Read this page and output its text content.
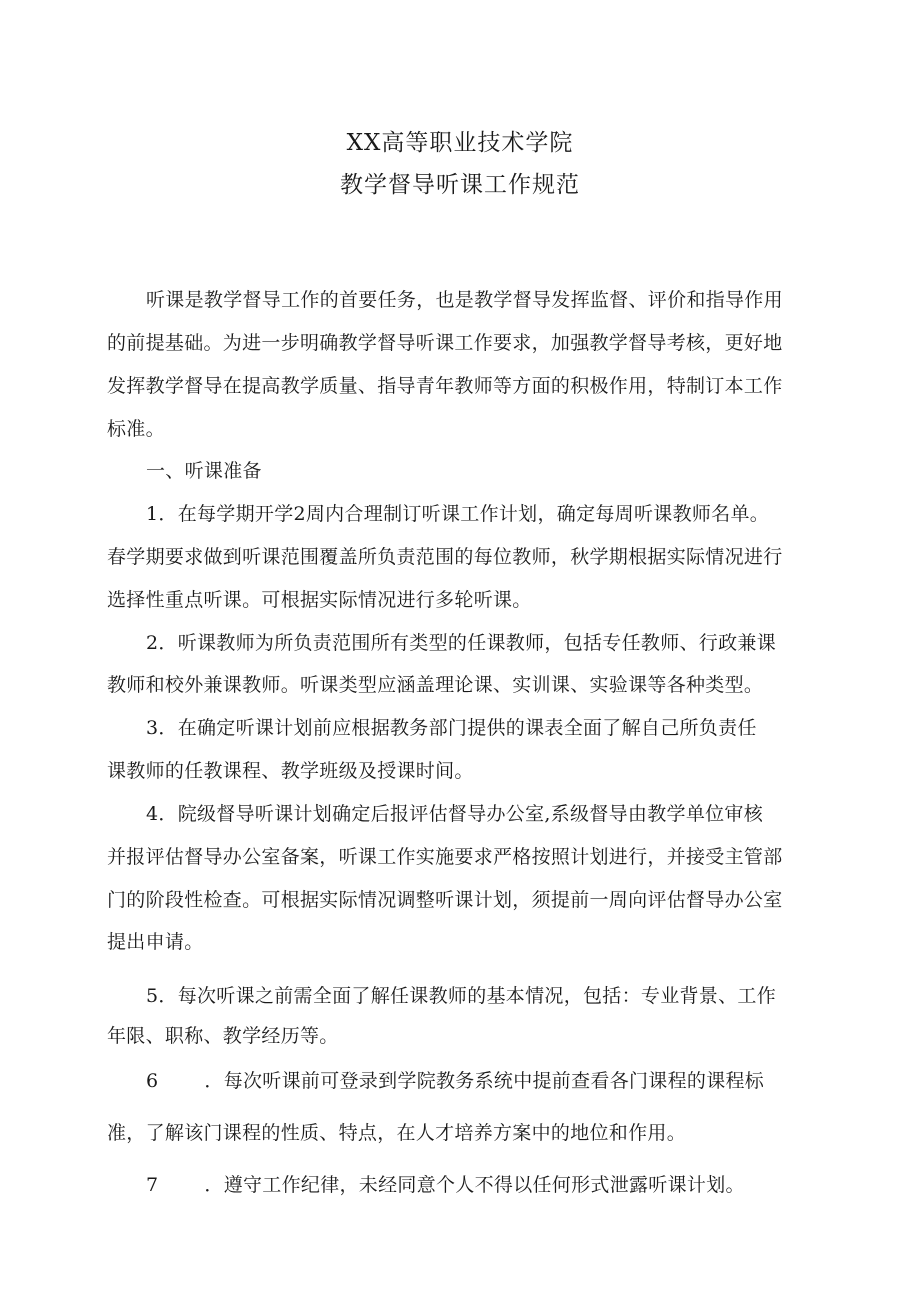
XX高等职业技术学院
教学督导听课工作规范
听课是教学督导工作的首要任务，也是教学督导发挥监督、评价和指导作用
的前提基础。为进一步明确教学督导听课工作要求，加强教学督导考核，更好地
发挥教学督导在提高教学质量、指导青年教师等方面的积极作用，特制订本工作
标准。
一、听课准备
1．在每学期开学2周内合理制订听课工作计划，确定每周听课教师名单。
春学期要求做到听课范围覆盖所负责范围的每位教师，秋学期根据实际情况进行
选择性重点听课。可根据实际情况进行多轮听课。
2．听课教师为所负责范围所有类型的任课教师，包括专任教师、行政兼课
教师和校外兼课教师。听课类型应涵盖理论课、实训课、实验课等各种类型。
3．在确定听课计划前应根据教务部门提供的课表全面了解自己所负责任
课教师的任教课程、教学班级及授课时间。
4．院级督导听课计划确定后报评估督导办公室,系级督导由教学单位审核
并报评估督导办公室备案，听课工作实施要求严格按照计划进行，并接受主管部
门的阶段性检查。可根据实际情况调整听课计划，须提前一周向评估督导办公室
提出申请。
5．每次听课之前需全面了解任课教师的基本情况，包括：专业背景、工作
年限、职称、教学经历等。
6 ．每次听课前可登录到学院教务系统中提前查看各门课程的课程标
准，了解该门课程的性质、特点，在人才培养方案中的地位和作用。
7 ．遵守工作纪律，未经同意个人不得以任何形式泄露听课计划。
